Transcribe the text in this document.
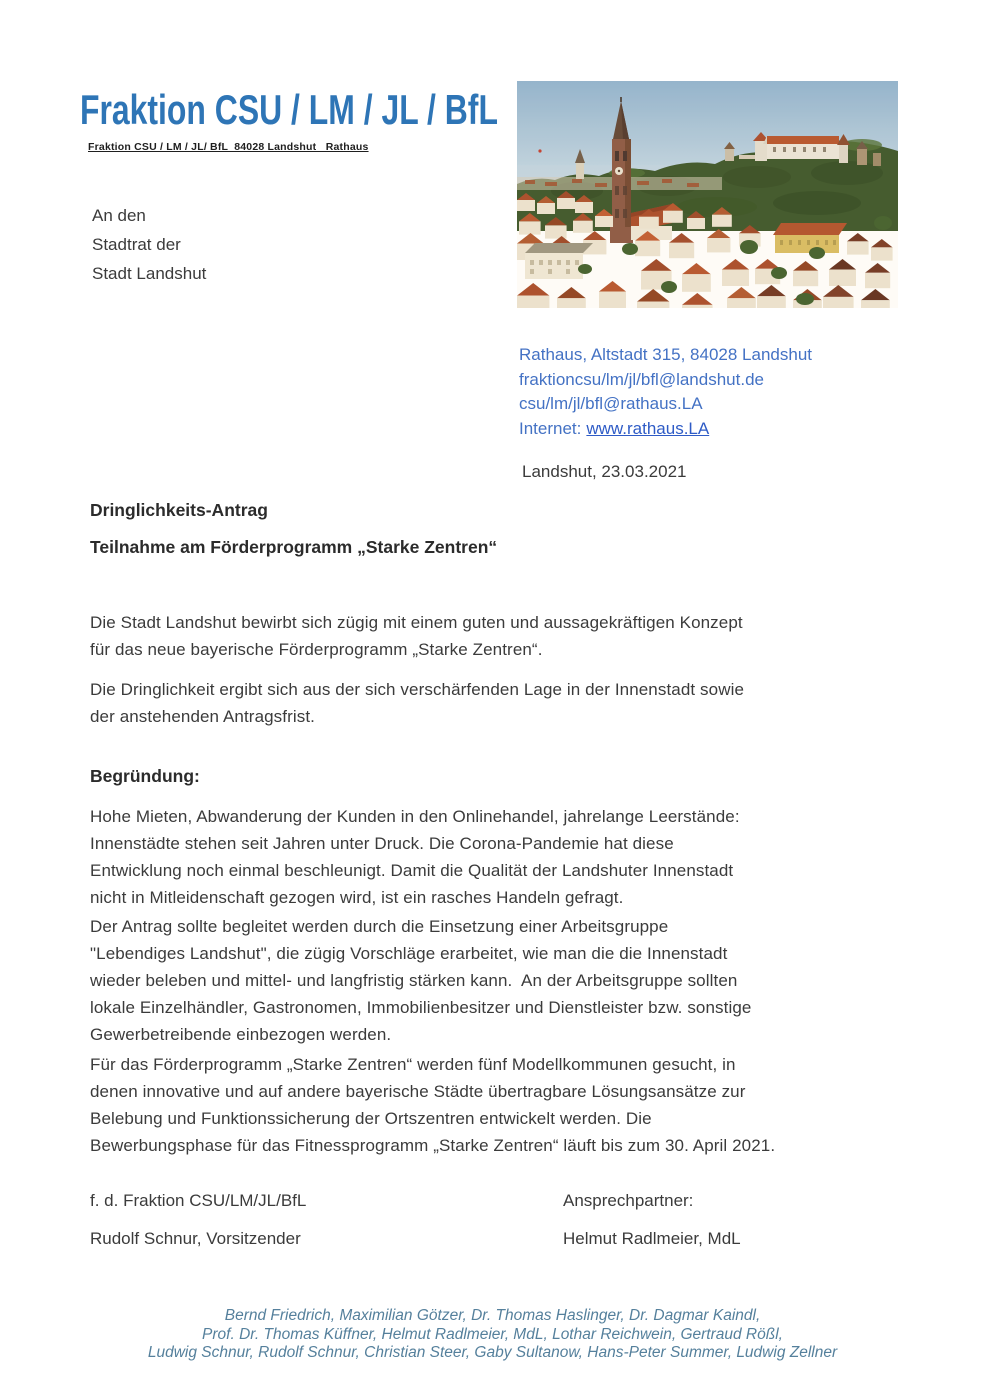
Fraktion CSU / LM / JL / BfL
Fraktion CSU / LM / JL/ BfL  84028 Landshut   Rathaus
An den
Stadtrat der
Stadt Landshut
Rathaus, Altstadt 315, 84028 Landshut
fraktioncsu/lm/jl/bfl@landshut.de
csu/lm/jl/bfl@rathaus.LA
Internet: www.rathaus.LA
Landshut, 23.03.2021
Dringlichkeits-Antrag
Teilnahme am Förderprogramm „Starke Zentren“
Die Stadt Landshut bewirbt sich zügig mit einem guten und aussagekräftigen Konzept
für das neue bayerische Förderprogramm „Starke Zentren“.
Die Dringlichkeit ergibt sich aus der sich verschärfenden Lage in der Innenstadt sowie
der anstehenden Antragsfrist.
Begründung:
Hohe Mieten, Abwanderung der Kunden in den Onlinehandel, jahrelange Leerstände:
Innenstädte stehen seit Jahren unter Druck. Die Corona-Pandemie hat diese
Entwicklung noch einmal beschleunigt. Damit die Qualität der Landshuter Innenstadt
nicht in Mitleidenschaft gezogen wird, ist ein rasches Handeln gefragt.
Der Antrag sollte begleitet werden durch die Einsetzung einer Arbeitsgruppe
"Lebendiges Landshut", die zügig Vorschläge erarbeitet, wie man die die Innenstadt
wieder beleben und mittel- und langfristig stärken kann.  An der Arbeitsgruppe sollten
lokale Einzelhändler, Gastronomen, Immobilienbesitzer und Dienstleister bzw. sonstige
Gewerbetreibende einbezogen werden.
Für das Förderprogramm „Starke Zentren“ werden fünf Modellkommunen gesucht, in
denen innovative und auf andere bayerische Städte übertragbare Lösungsansätze zur
Belebung und Funktionssicherung der Ortszentren entwickelt werden. Die
Bewerbungsphase für das Fitnessprogramm „Starke Zentren“ läuft bis zum 30. April 2021.
f. d. Fraktion CSU/LM/JL/BfL	Ansprechpartner:
Rudolf Schnur, Vorsitzender	Helmut Radlmeier, MdL
Bernd Friedrich, Maximilian Götzer, Dr. Thomas Haslinger, Dr. Dagmar Kaindl,
Prof. Dr. Thomas Küffner, Helmut Radlmeier, MdL, Lothar Reichwein, Gertraud Rößl,
Ludwig Schnur, Rudolf Schnur, Christian Steer, Gaby Sultanow, Hans-Peter Summer, Ludwig Zellner
